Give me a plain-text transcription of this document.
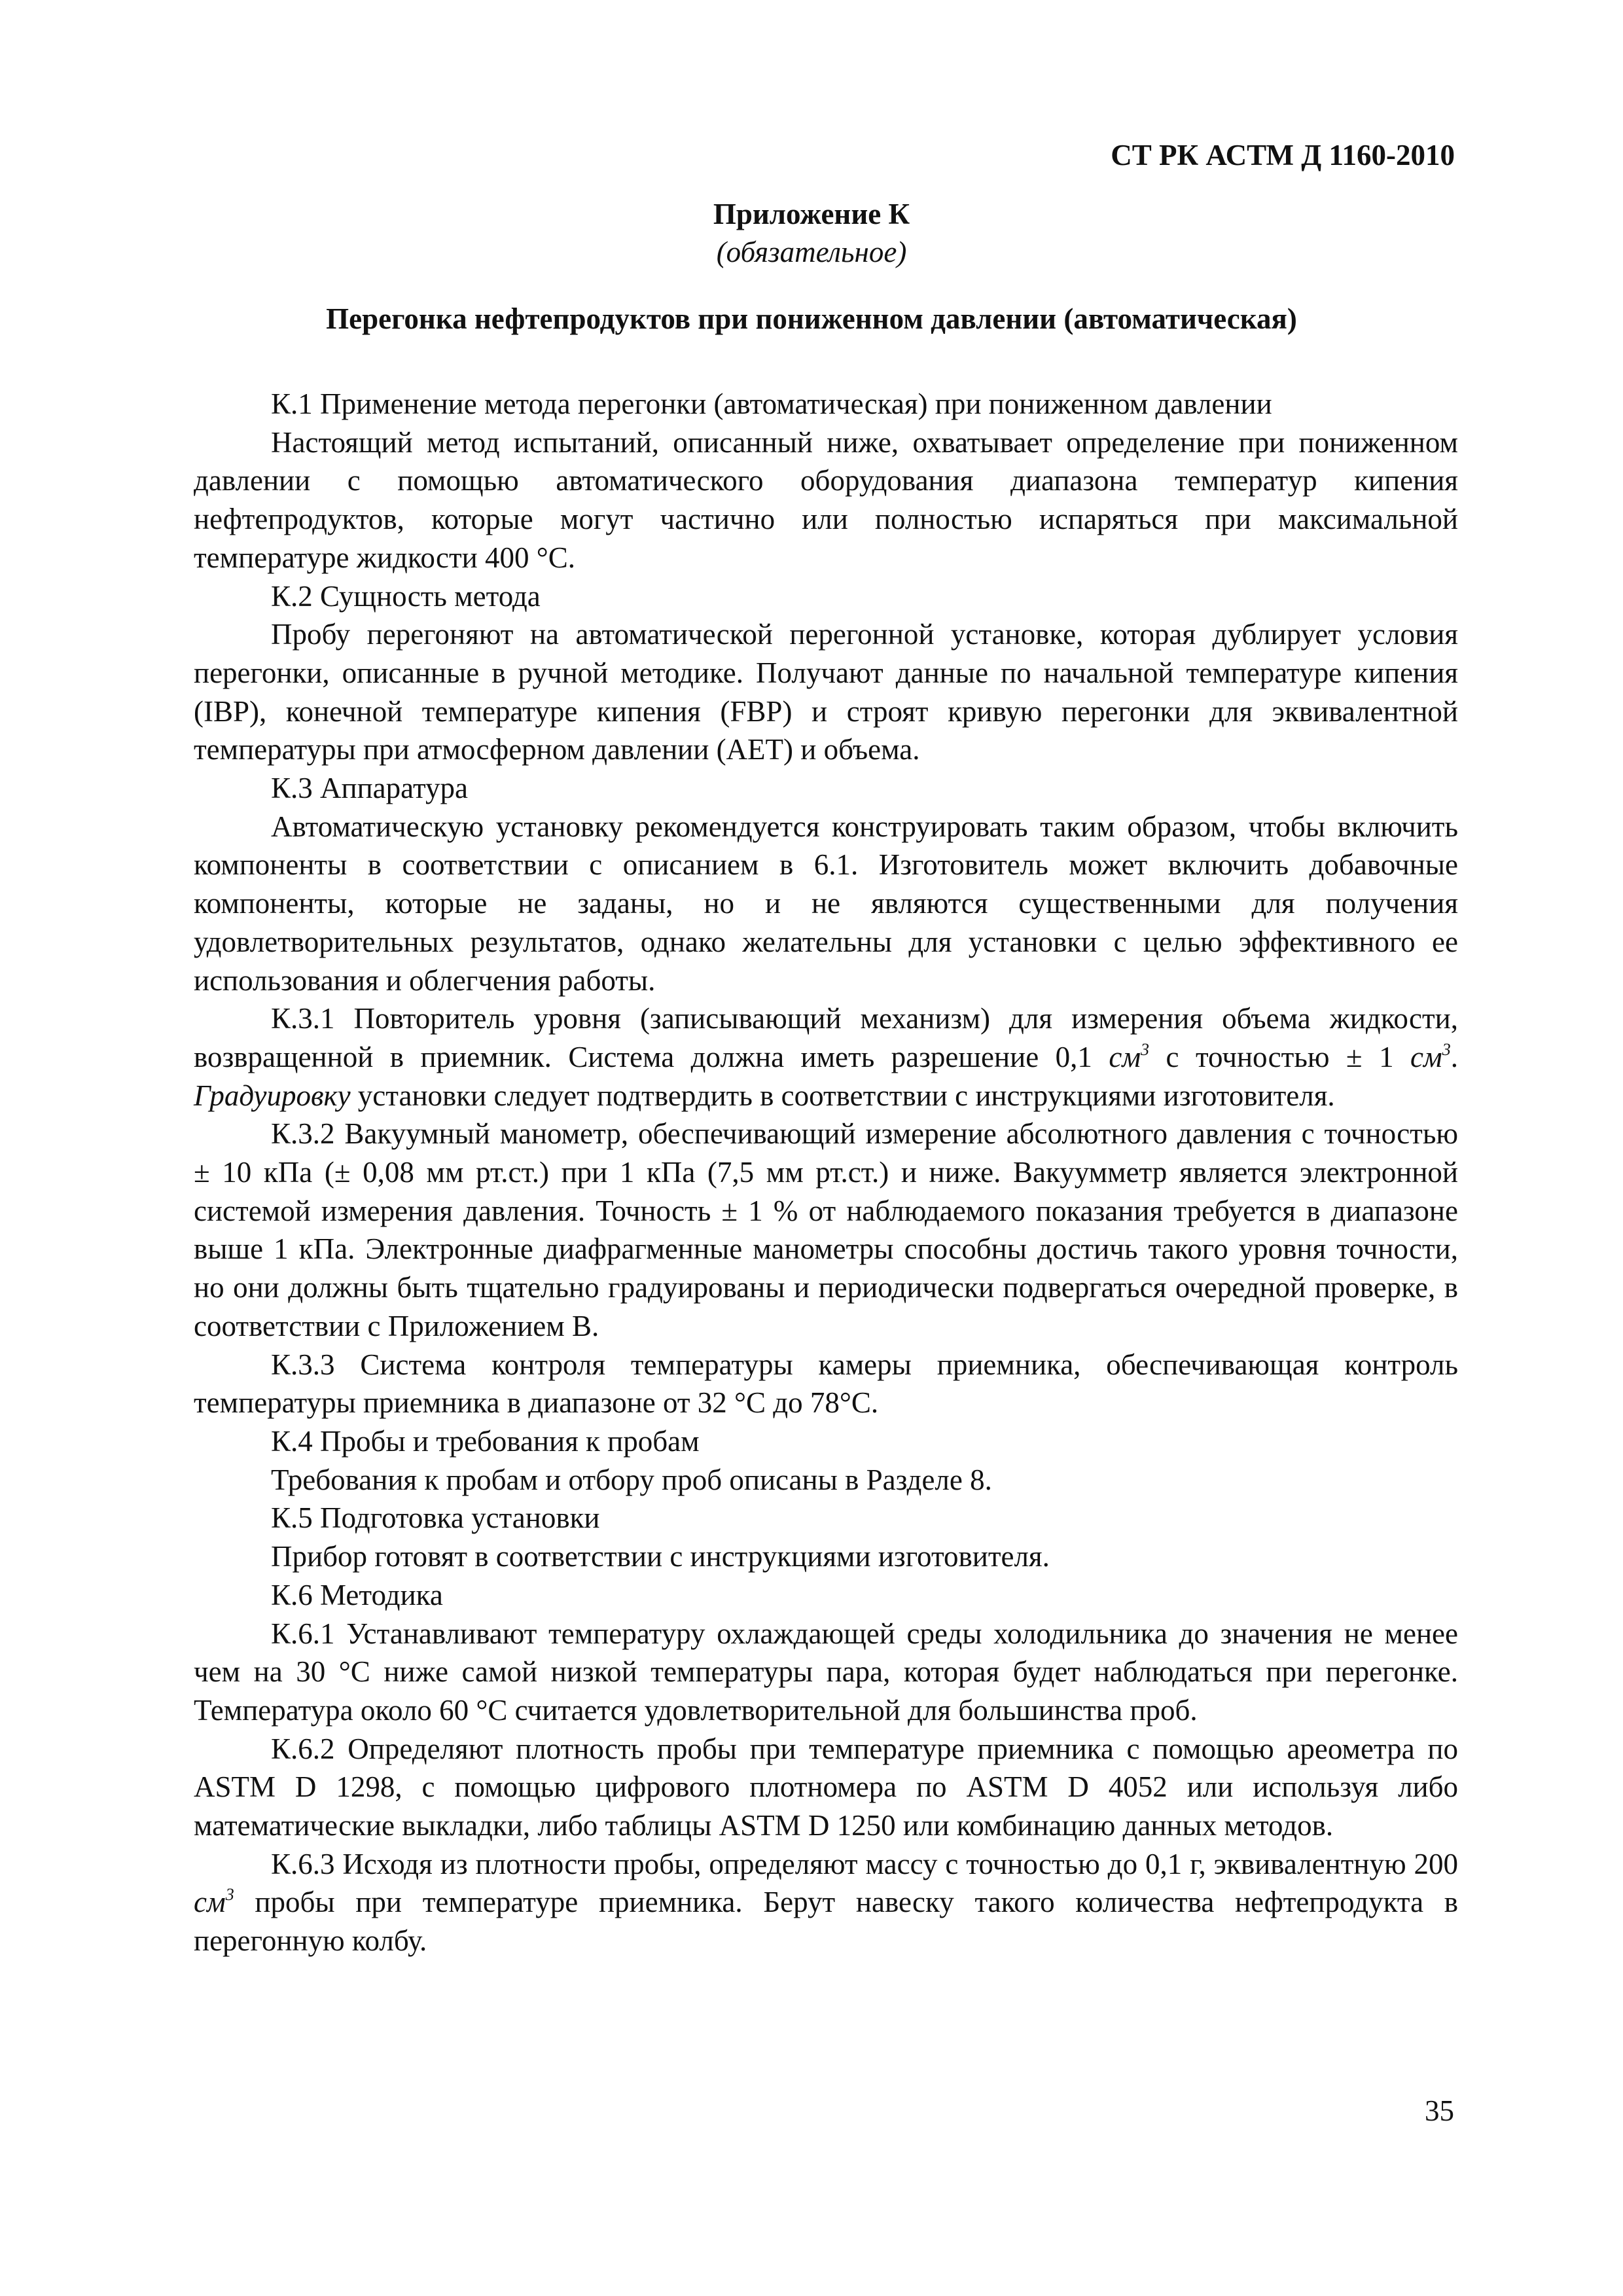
СТ РК АСТМ Д 1160-2010
Приложение К
(обязательное)
Перегонка нефтепродуктов при пониженном давлении (автоматическая)

К.1 Применение метода перегонки (автоматическая) при пониженном давлении

Настоящий метод испытаний, описанный ниже, охватывает определение при пониженном давлении с помощью автоматического оборудования диапазона температур кипения нефтепродуктов, которые могут частично или полностью испаряться при максимальной температуре жидкости 400 °С.

К.2 Сущность метода

Пробу перегоняют на автоматической перегонной установке, которая дублирует условия перегонки, описанные в ручной методике. Получают данные по начальной температуре кипения (IBP), конечной температуре кипения (FBP) и строят кривую перегонки для эквивалентной температуры при атмосферном давлении (AET) и объема.

К.3 Аппаратура

Автоматическую установку рекомендуется конструировать таким образом, чтобы включить компоненты в соответствии с описанием в 6.1. Изготовитель может включить добавочные компоненты, которые не заданы, но и не являются существенными для получения удовлетворительных результатов, однако желательны для установки с целью эффективного ее использования и облегчения работы.

К.3.1 Повторитель уровня (записывающий механизм) для измерения объема жидкости, возвращенной в приемник. Система должна иметь разрешение 0,1 $см^3$ с точностью ± 1 $см^3$. Градуировку установки следует подтвердить в соответствии с инструкциями изготовителя.

К.3.2 Вакуумный манометр, обеспечивающий измерение абсолютного давления с точностью ± 10 кПа (± 0,08 мм рт.ст.) при 1 кПа (7,5 мм рт.ст.) и ниже. Вакуумметр является электронной системой измерения давления. Точность ± 1 % от наблюдаемого показания требуется в диапазоне выше 1 кПа. Электронные диафрагменные манометры способны достичь такого уровня точности, но они должны быть тщательно градуированы и периодически подвергаться очередной проверке, в соответствии с Приложением В.

К.3.3 Система контроля температуры камеры приемника, обеспечивающая контроль температуры приемника в диапазоне от 32 °С до 78°С.

К.4 Пробы и требования к пробам

Требования к пробам и отбору проб описаны в Разделе 8.

К.5 Подготовка установки

Прибор готовят в соответствии с инструкциями изготовителя.

К.6 Методика

К.6.1 Устанавливают температуру охлаждающей среды холодильника до значения не менее чем на 30 °С ниже самой низкой температуры пара, которая будет наблюдаться при перегонке. Температура около 60 °С считается удовлетворительной для большинства проб.

К.6.2 Определяют плотность пробы при температуре приемника с помощью ареометра по ASTM D 1298, с помощью цифрового плотномера по ASTM D 4052 или используя либо математические выкладки, либо таблицы ASTM D 1250 или комбинацию данных методов.

К.6.3 Исходя из плотности пробы, определяют массу с точностью до 0,1 г, эквивалентную 200 $см^3$ пробы при температуре приемника. Берут навеску такого количества нефтепродукта в перегонную колбу.

35
